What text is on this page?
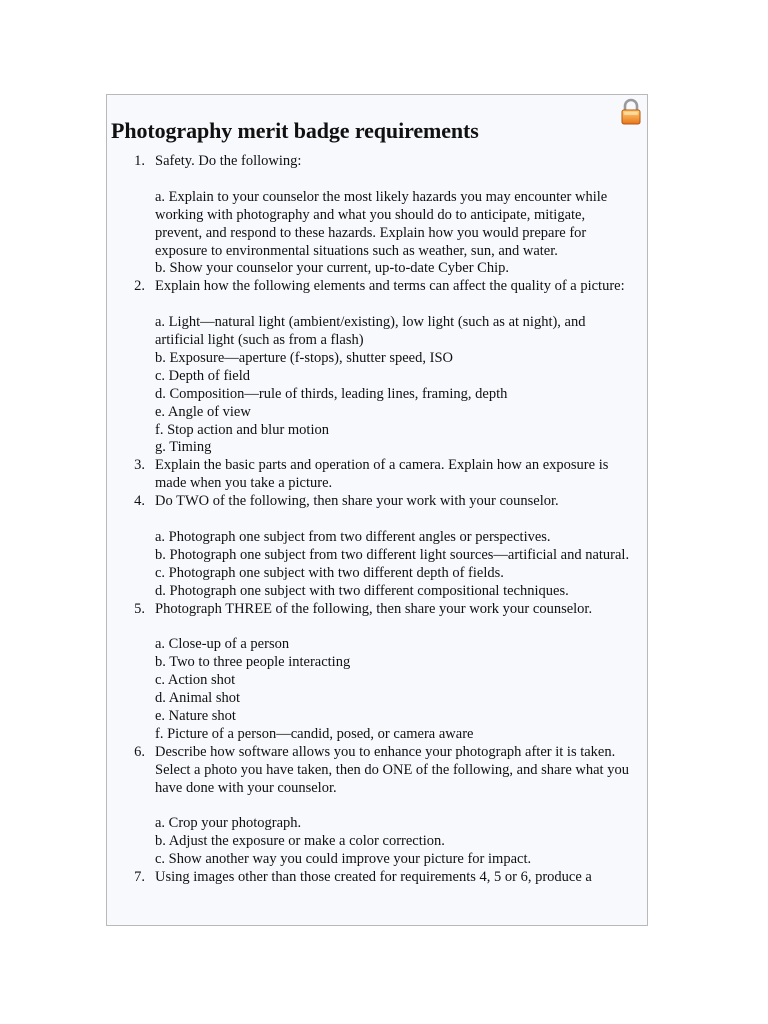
Photography merit badge requirements
1. Safety. Do the following:
a. Explain to your counselor the most likely hazards you may encounter while working with photography and what you should do to anticipate, mitigate, prevent, and respond to these hazards. Explain how you would prepare for exposure to environmental situations such as weather, sun, and water.
b. Show your counselor your current, up-to-date Cyber Chip.
2. Explain how the following elements and terms can affect the quality of a picture:
a. Light—natural light (ambient/existing), low light (such as at night), and artificial light (such as from a flash)
b. Exposure—aperture (f-stops), shutter speed, ISO
c. Depth of field
d. Composition—rule of thirds, leading lines, framing, depth
e. Angle of view
f. Stop action and blur motion
g. Timing
3. Explain the basic parts and operation of a camera. Explain how an exposure is made when you take a picture.
4. Do TWO of the following, then share your work with your counselor.
a. Photograph one subject from two different angles or perspectives.
b. Photograph one subject from two different light sources—artificial and natural.
c. Photograph one subject with two different depth of fields.
d. Photograph one subject with two different compositional techniques.
5. Photograph THREE of the following, then share your work your counselor.
a. Close-up of a person
b. Two to three people interacting
c. Action shot
d. Animal shot
e. Nature shot
f. Picture of a person—candid, posed, or camera aware
6. Describe how software allows you to enhance your photograph after it is taken. Select a photo you have taken, then do ONE of the following, and share what you have done with your counselor.
a. Crop your photograph.
b. Adjust the exposure or make a color correction.
c. Show another way you could improve your picture for impact.
7. Using images other than those created for requirements 4, 5 or 6, produce a
